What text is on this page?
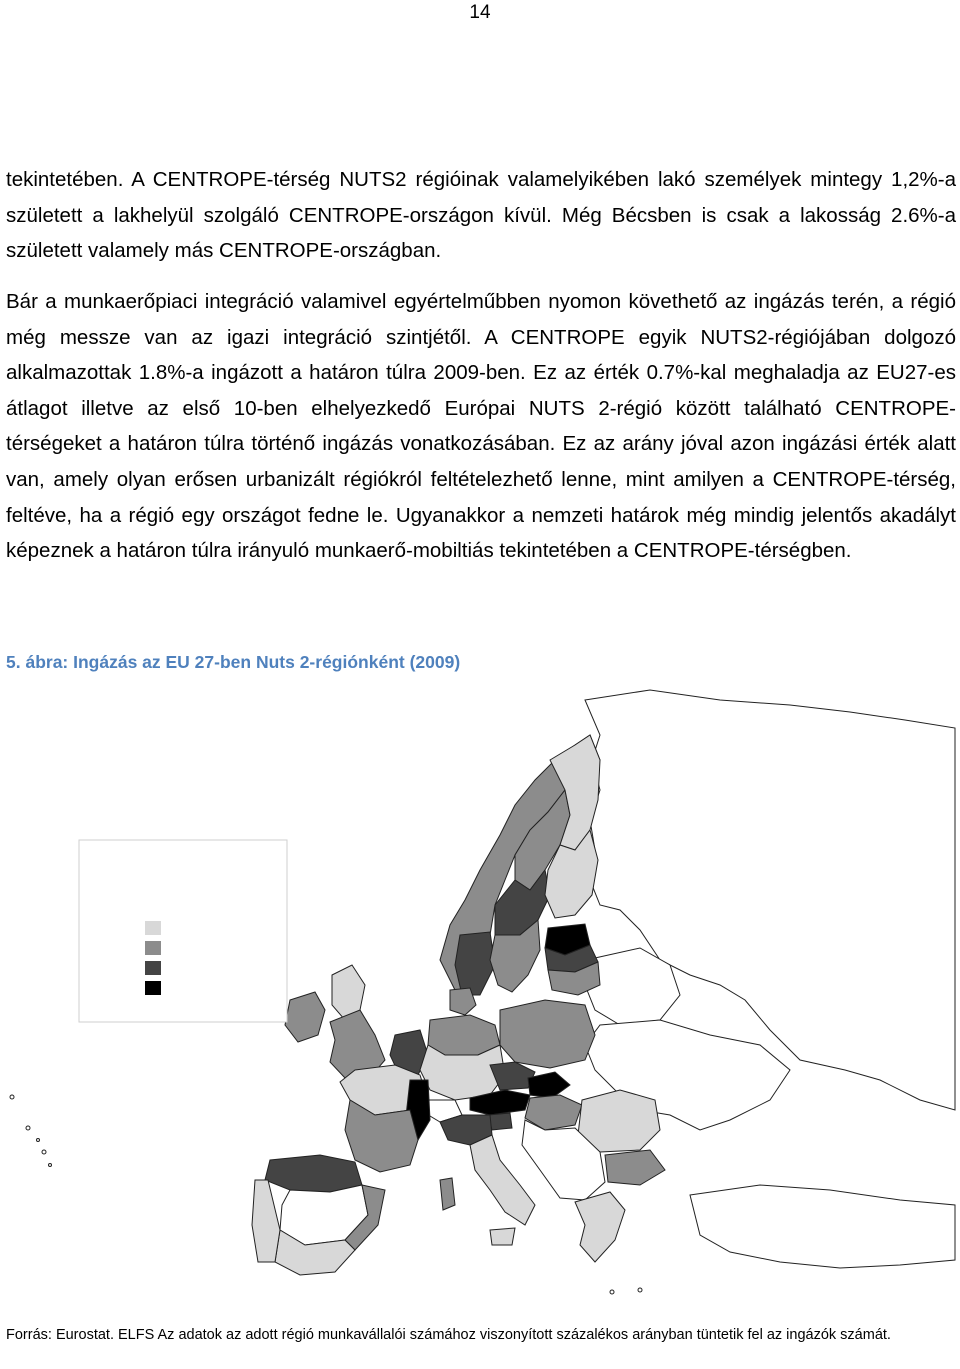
14

tekintetében. A CENTROPE-térség NUTS2 régióinak valamelyikében lakó személyek mintegy 1,2%-a született a lakhelyül szolgáló CENTROPE-országon kívül. Még Bécsben is csak a lakosság 2.6%-a született valamely más CENTROPE-országban.

Bár a munkaerőpiaci integráció valamivel egyértelműbben nyomon követhető az ingázás terén, a régió még messze van az igazi integráció szintjétől. A CENTROPE egyik NUTS2-régiójában dolgozó alkalmazottak 1.8%-a ingázott a határon túlra 2009-ben. Ez az érték 0.7%-kal meghaladja az EU27-es átlagot illetve az első 10-ben elhelyezkedő Európai NUTS 2-régió között található CENTROPE-térségeket a határon túlra történő ingázás vonatkozásában. Ez az arány jóval azon ingázási érték alatt van, amely olyan erősen urbanizált régiókról feltételezhető lenne, mint amilyen a CENTROPE-térség, feltéve, ha a régió egy országot fedne le. Ugyanakkor a nemzeti határok még mindig jelentős akadályt képeznek a határon túlra irányuló munkaerő-mobiltiás tekintetében a CENTROPE-térségben.

5. ábra: Ingázás az EU 27-ben Nuts 2-régiónként (2009)

Forrás: Eurostat. ELFS Az adatok az adott régió munkavállalói számához viszonyított százalékos arányban tüntetik fel az ingázók számát.
